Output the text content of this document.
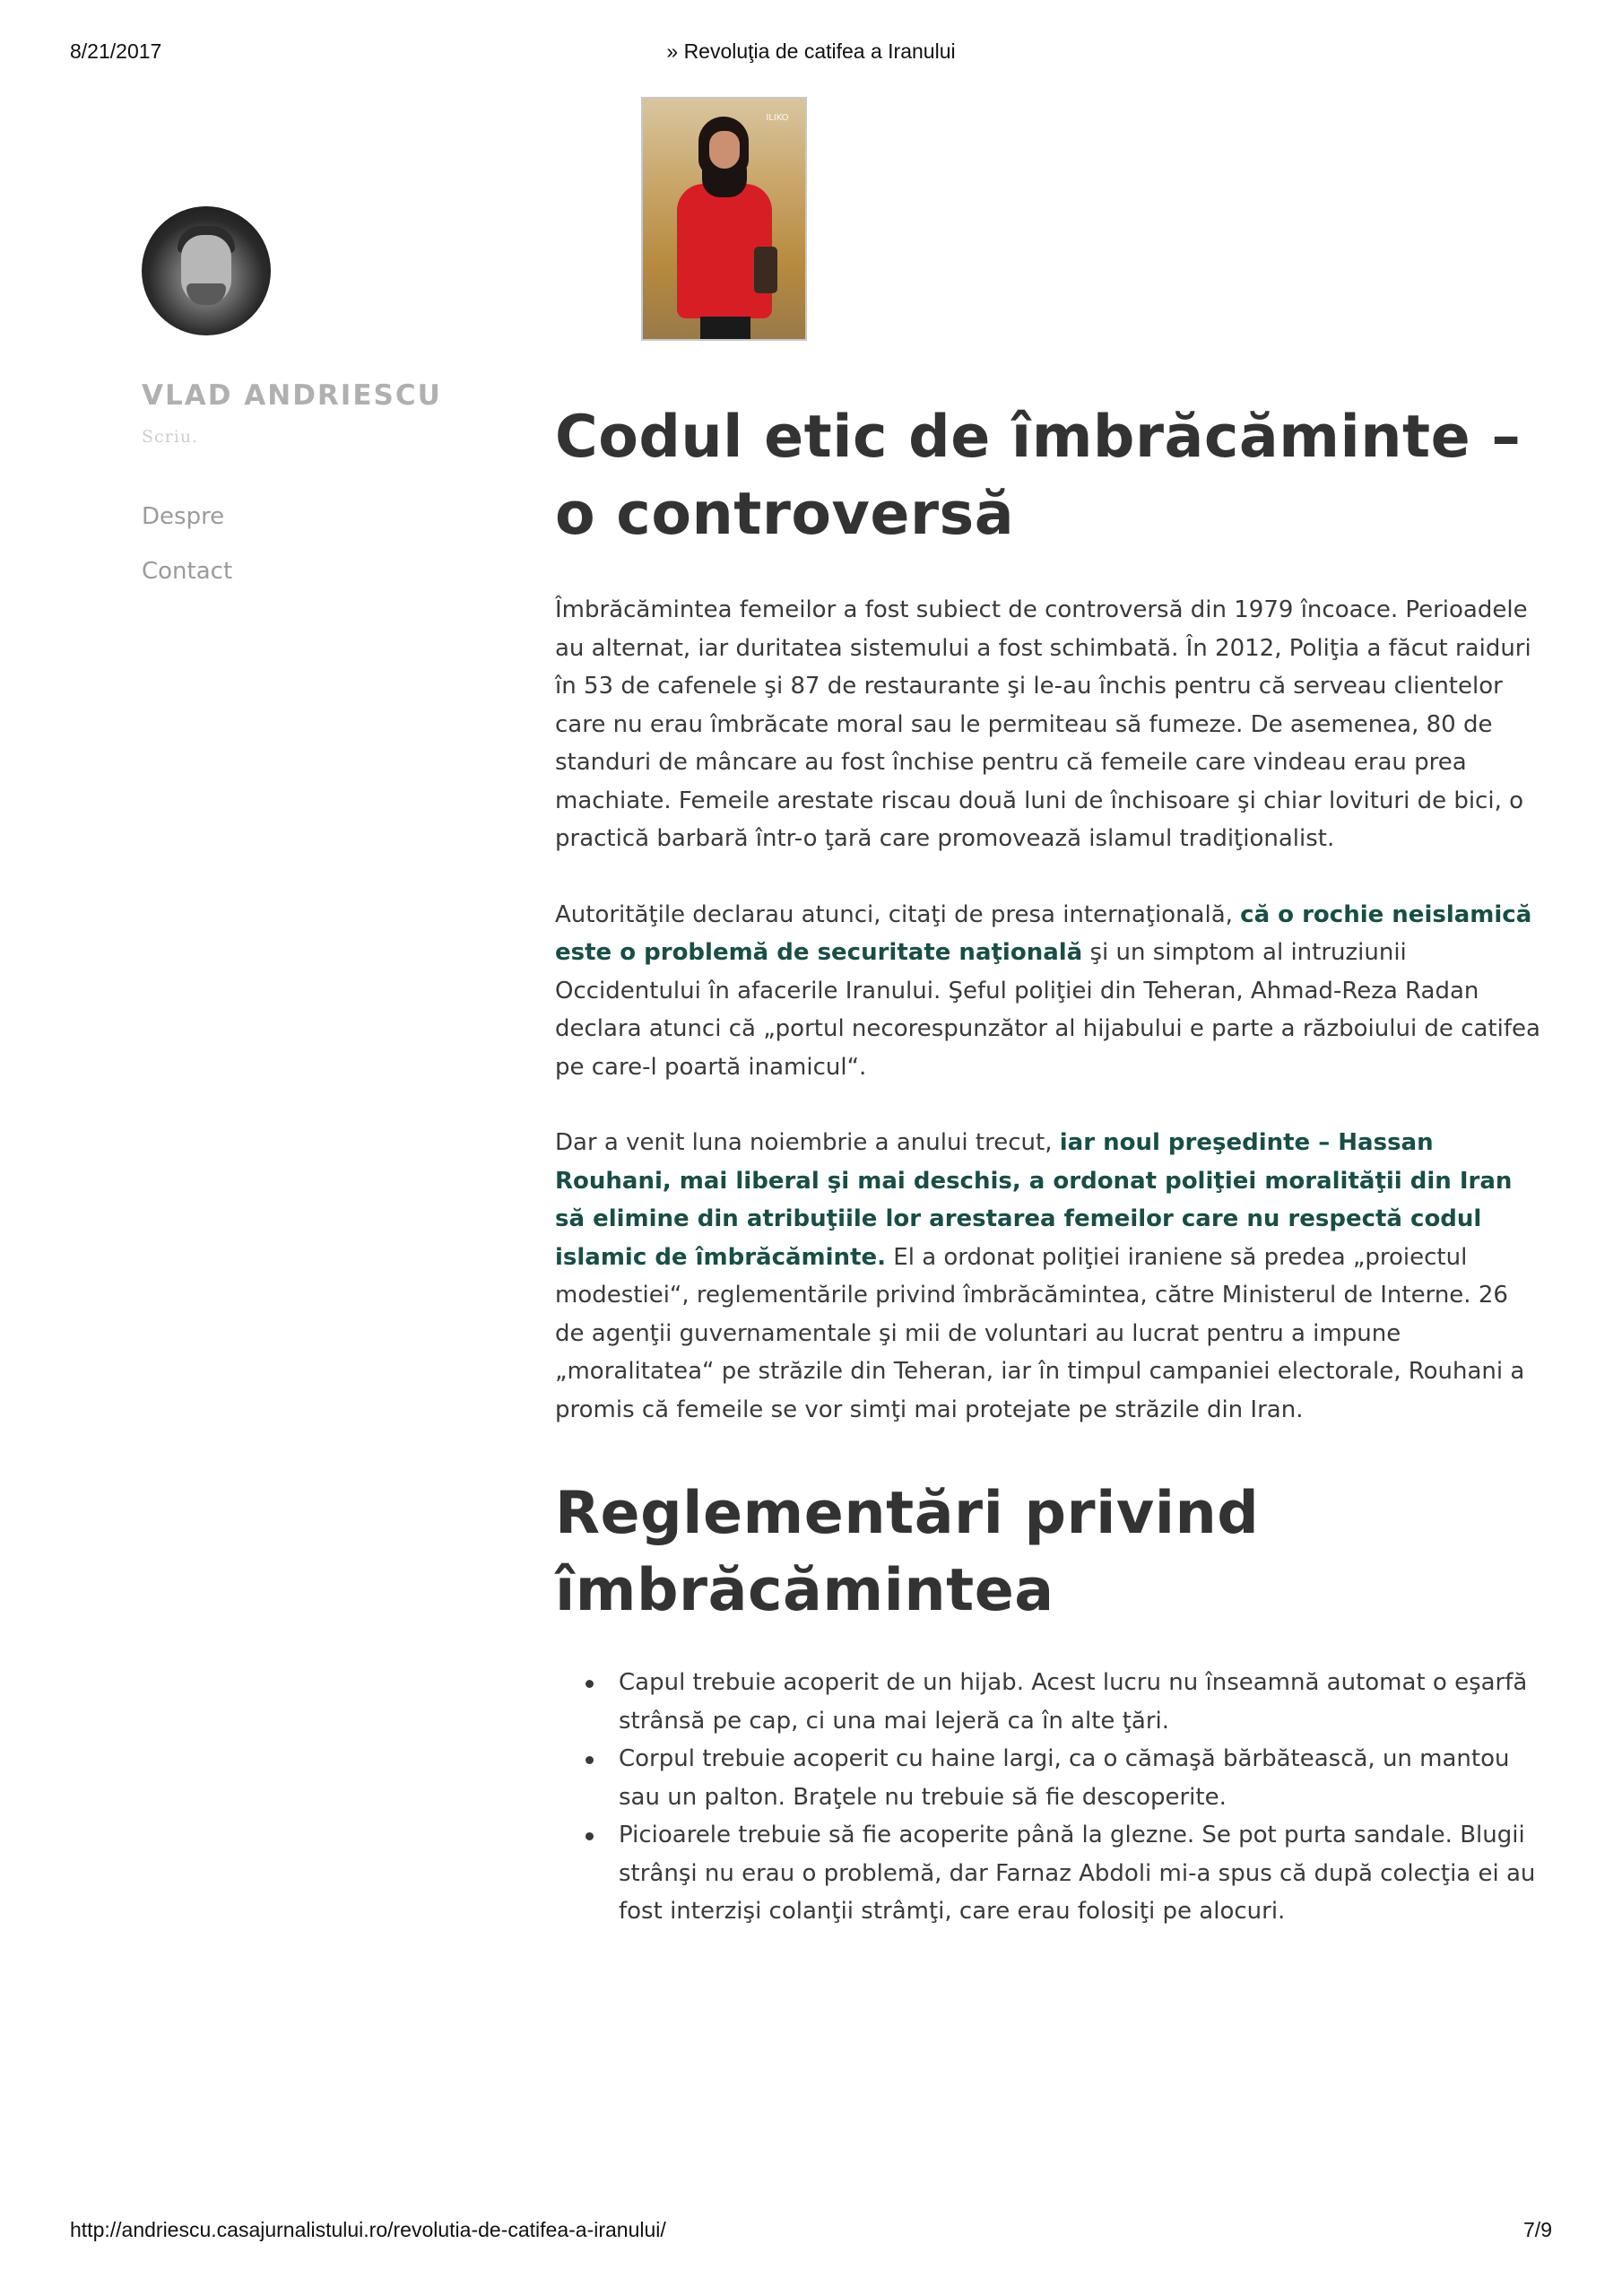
8/21/2017	» Revoluţia de catifea a Iranului
ILIKO
VLAD ANDRIESCU
Scriu.
Despre
Contact
Codul etic de îmbrăcăminte – o controversă

Îmbrăcămintea femeilor a fost subiect de controversă din 1979 încoace. Perioadele au alternat, iar duritatea sistemului a fost schimbată. În 2012, Poliţia a făcut raiduri în 53 de cafenele şi 87 de restaurante şi le-au închis pentru că serveau clientelor care nu erau îmbrăcate moral sau le permiteau să fumeze. De asemenea, 80 de standuri de mâncare au fost închise pentru că femeile care vindeau erau prea machiate. Femeile arestate riscau două luni de închisoare şi chiar lovituri de bici, o practică barbară într-o ţară care promovează islamul tradiţionalist.

Autorităţile declarau atunci, citaţi de presa internaţională, că o rochie neislamică este o problemă de securitate naţională şi un simptom al intruziunii Occidentului în afacerile Iranului. Şeful poliţiei din Teheran, Ahmad-Reza Radan declara atunci că „portul necorespunzător al hijabului e parte a războiului de catifea pe care-l poartă inamicul“.

Dar a venit luna noiembrie a anului trecut, iar noul preşedinte – Hassan Rouhani, mai liberal şi mai deschis, a ordonat poliţiei moralităţii din Iran să elimine din atribuţiile lor arestarea femeilor care nu respectă codul islamic de îmbrăcăminte. El a ordonat poliţiei iraniene să predea „proiectul modestiei“, reglementările privind îmbrăcămintea, către Ministerul de Interne. 26 de agenţii guvernamentale şi mii de voluntari au lucrat pentru a impune „moralitatea“ pe străzile din Teheran, iar în timpul campaniei electorale, Rouhani a promis că femeile se vor simţi mai protejate pe străzile din Iran.

Reglementări privind îmbrăcămintea
Capul trebuie acoperit de un hijab. Acest lucru nu înseamnă automat o eşarfă strânsă pe cap, ci una mai lejeră ca în alte ţări.
Corpul trebuie acoperit cu haine largi, ca o cămaşă bărbătească, un mantou sau un palton. Braţele nu trebuie să fie descoperite.
Picioarele trebuie să fie acoperite până la glezne. Se pot purta sandale. Blugii strânşi nu erau o problemă, dar Farnaz Abdoli mi-a spus că după colecţia ei au fost interzişi colanţii strâmţi, care erau folosiţi pe alocuri.
http://andriescu.casajurnalistului.ro/revolutia-de-catifea-a-iranului/	7/9
